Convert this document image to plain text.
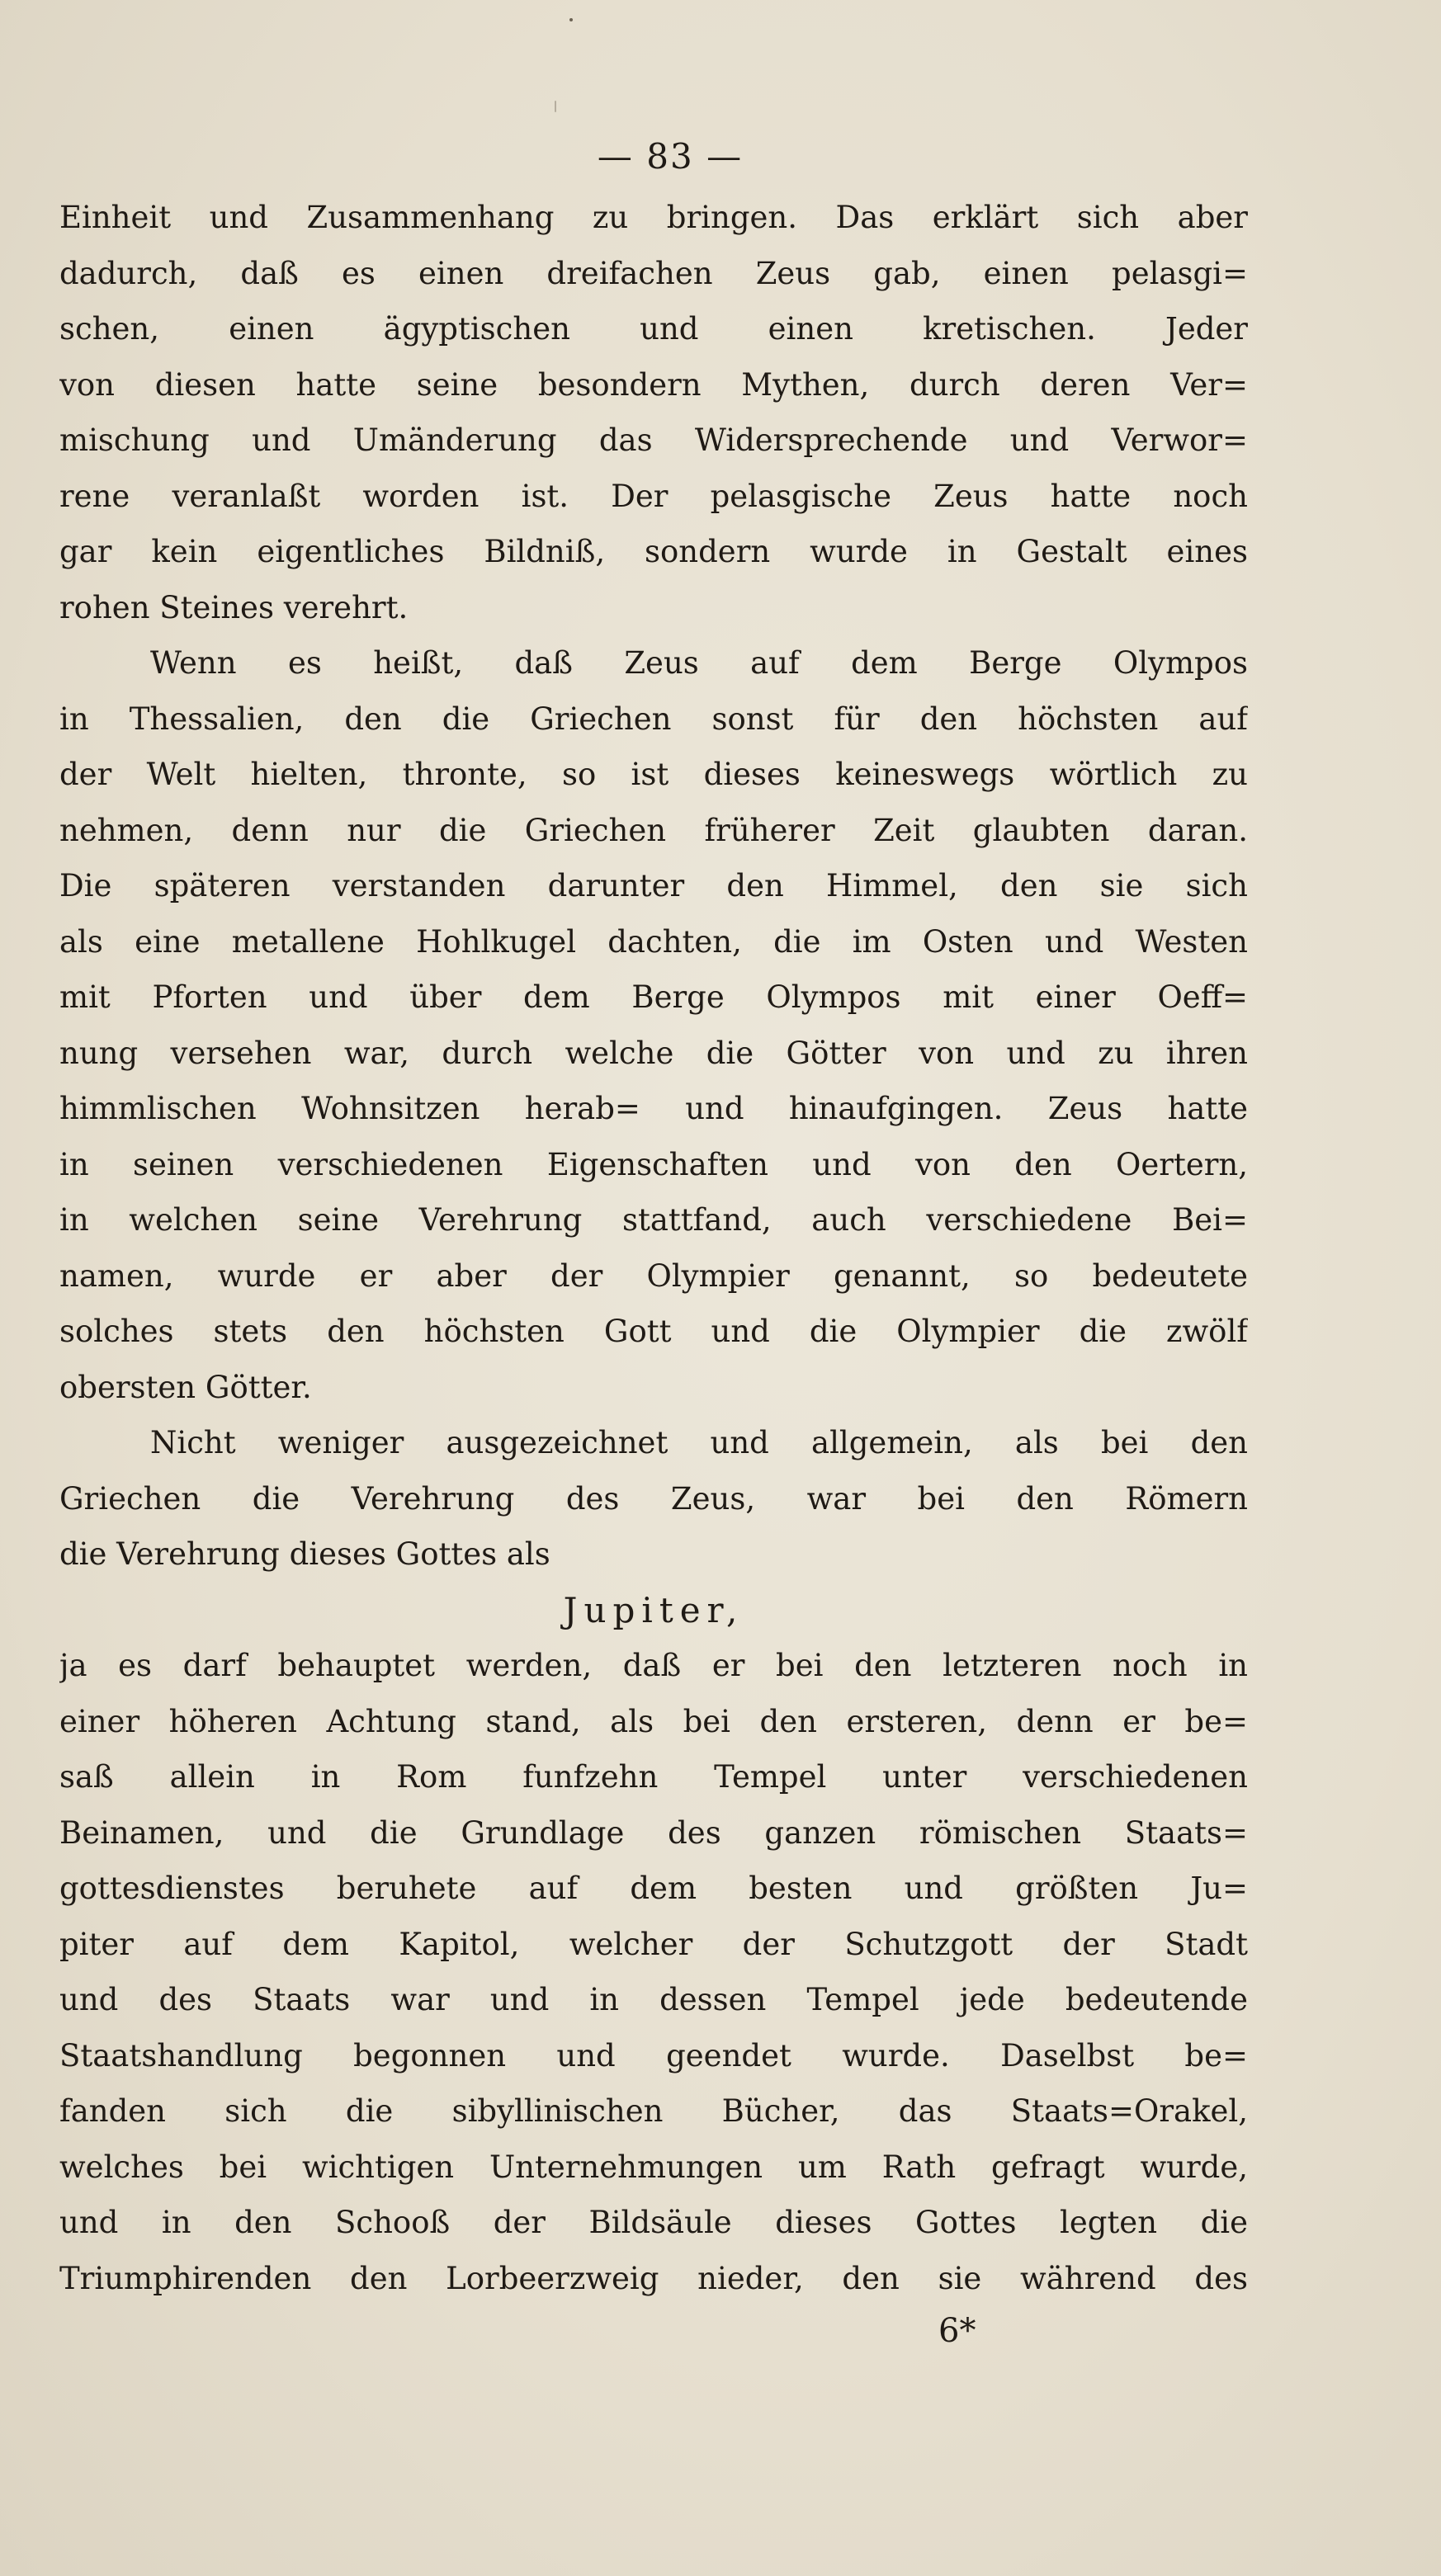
— 83 —
Einheit und Zusammenhang zu bringen. Das erklärt sich aber
dadurch, daß es einen dreifachen Zeus gab, einen pelasgi=
schen, einen ägyptischen und einen kretischen. Jeder
von diesen hatte seine besondern Mythen, durch deren Ver=
mischung und Umänderung das Widersprechende und Verwor=
rene veranlaßt worden ist. Der pelasgische Zeus hatte noch
gar kein eigentliches Bildniß, sondern wurde in Gestalt eines
rohen Steines verehrt.
Wenn es heißt, daß Zeus auf dem Berge Olympos
in Thessalien, den die Griechen sonst für den höchsten auf
der Welt hielten, thronte, so ist dieses keineswegs wörtlich zu
nehmen, denn nur die Griechen früherer Zeit glaubten daran.
Die späteren verstanden darunter den Himmel, den sie sich
als eine metallene Hohlkugel dachten, die im Osten und Westen
mit Pforten und über dem Berge Olympos mit einer Oeff=
nung versehen war, durch welche die Götter von und zu ihren
himmlischen Wohnsitzen herab= und hinaufgingen. Zeus hatte
in seinen verschiedenen Eigenschaften und von den Oertern,
in welchen seine Verehrung stattfand, auch verschiedene Bei=
namen, wurde er aber der Olympier genannt, so bedeutete
solches stets den höchsten Gott und die Olympier die zwölf
obersten Götter.
Nicht weniger ausgezeichnet und allgemein, als bei den
Griechen die Verehrung des Zeus, war bei den Römern
die Verehrung dieses Gottes als
Jupiter,
ja es darf behauptet werden, daß er bei den letzteren noch in
einer höheren Achtung stand, als bei den ersteren, denn er be=
saß allein in Rom funfzehn Tempel unter verschiedenen
Beinamen, und die Grundlage des ganzen römischen Staats=
gottesdienstes beruhete auf dem besten und größten Ju=
piter auf dem Kapitol, welcher der Schutzgott der Stadt
und des Staats war und in dessen Tempel jede bedeutende
Staatshandlung begonnen und geendet wurde. Daselbst be=
fanden sich die sibyllinischen Bücher, das Staats=Orakel,
welches bei wichtigen Unternehmungen um Rath gefragt wurde,
und in den Schooß der Bildsäule dieses Gottes legten die
Triumphirenden den Lorbeerzweig nieder, den sie während des
6*
